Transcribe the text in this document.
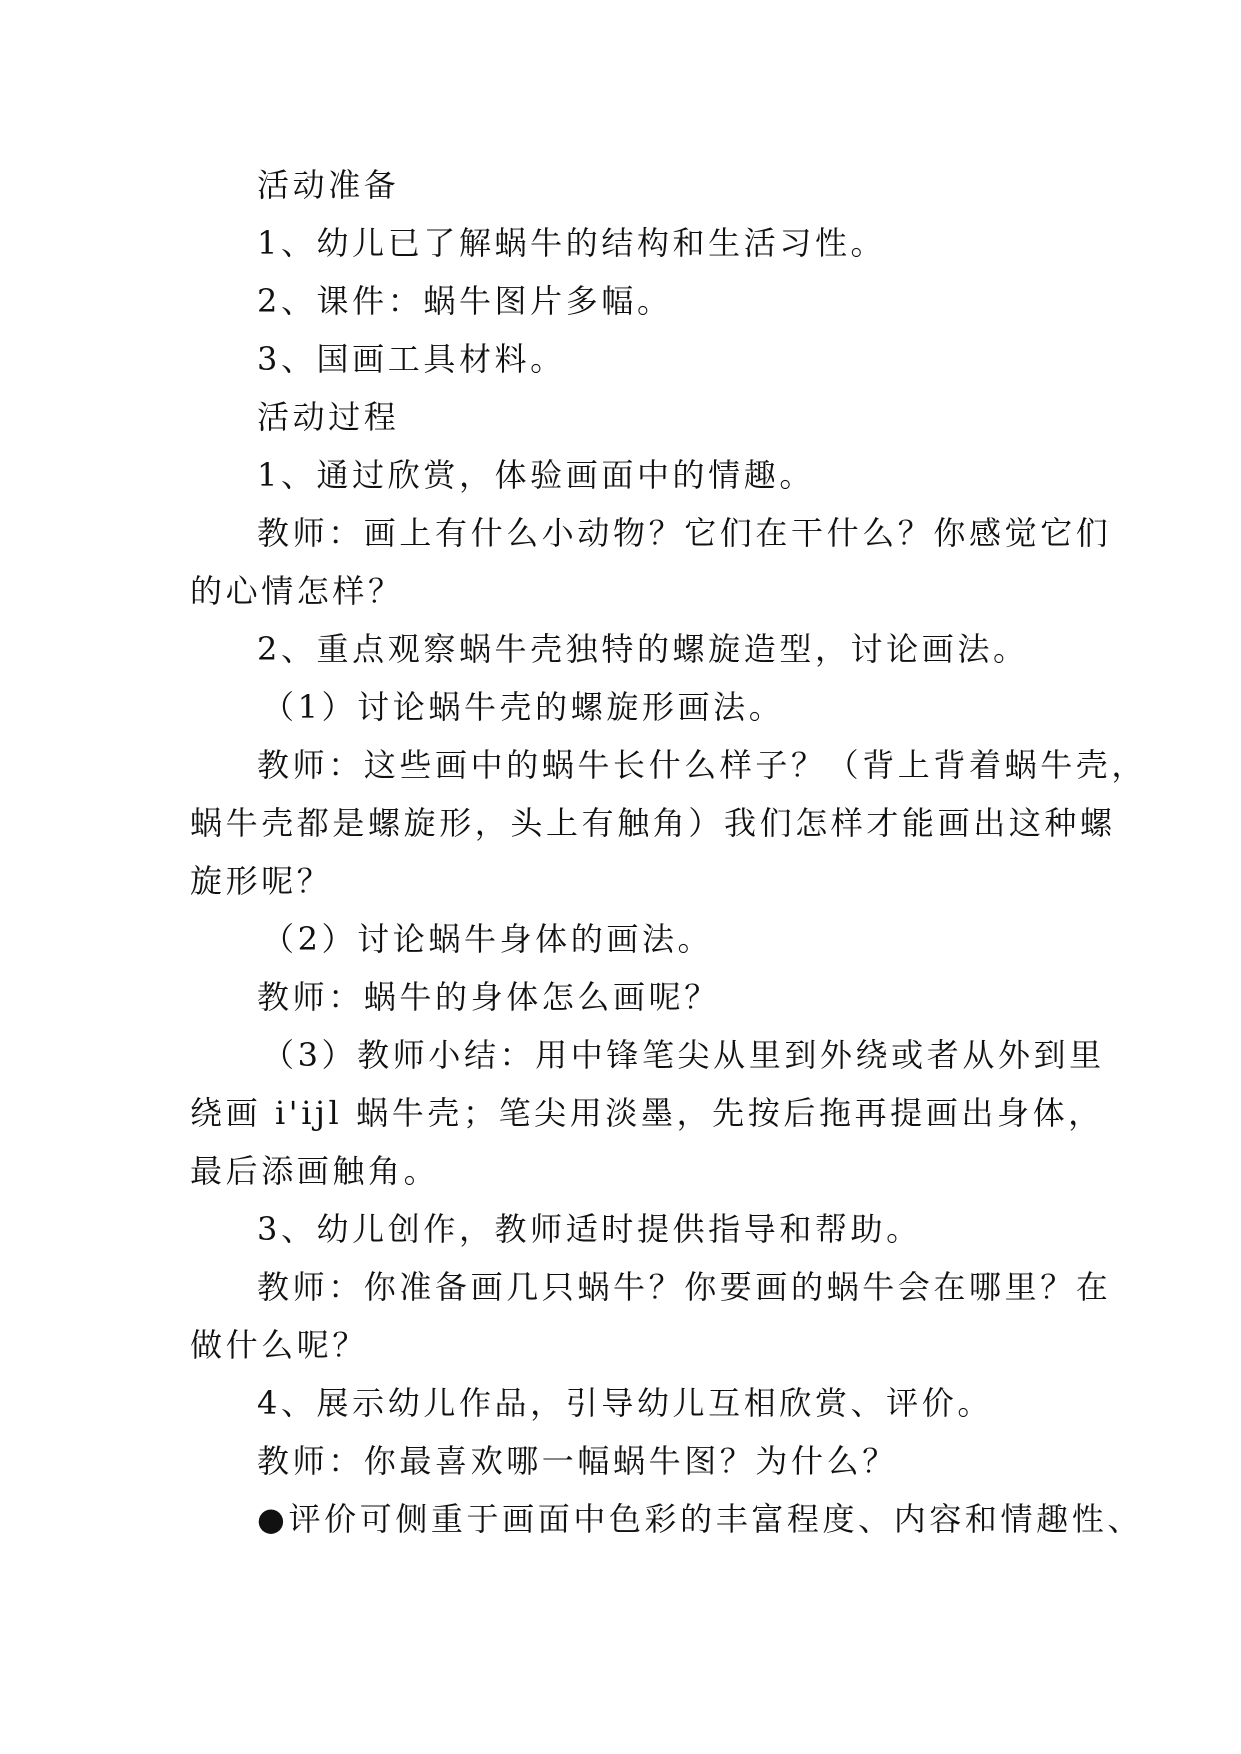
活动准备
1、幼儿已了解蜗牛的结构和生活习性。
2、课件：蜗牛图片多幅。
3、国画工具材料。
活动过程
1、通过欣赏，体验画面中的情趣。
教师：画上有什么小动物？它们在干什么？你感觉它们
的心情怎样？
2、重点观察蜗牛壳独特的螺旋造型，讨论画法。
（1）讨论蜗牛壳的螺旋形画法。
教师：这些画中的蜗牛长什么样子？（背上背着蜗牛壳，
蜗牛壳都是螺旋形，头上有触角）我们怎样才能画出这种螺
旋形呢？
（2）讨论蜗牛身体的画法。
教师：蜗牛的身体怎么画呢？
（3）教师小结：用中锋笔尖从里到外绕或者从外到里
绕画 i'ijl 蜗牛壳；笔尖用淡墨，先按后拖再提画出身体，
最后添画触角。
3、幼儿创作，教师适时提供指导和帮助。
教师：你准备画几只蜗牛？你要画的蜗牛会在哪里？在
做什么呢？
4、展示幼儿作品，引导幼儿互相欣赏、评价。
教师：你最喜欢哪一幅蜗牛图？为什么？
●评价可侧重于画面中色彩的丰富程度、内容和情趣性、
